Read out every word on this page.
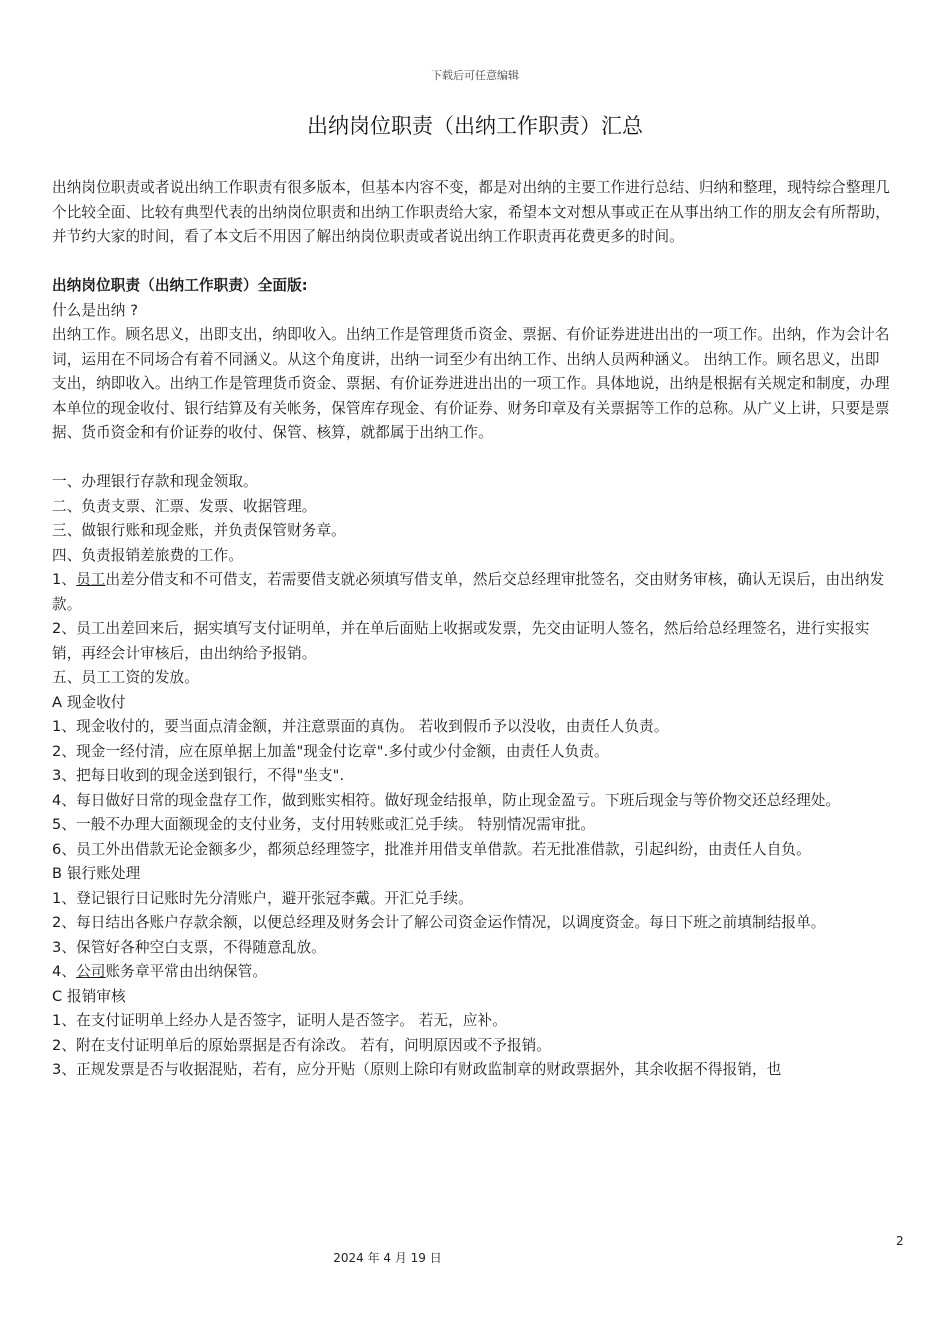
下载后可任意编辑
出纳岗位职责（出纳工作职责）汇总

出纳岗位职责或者说出纳工作职责有很多版本，但基本内容不变，都是对出纳的主要工作进行总结、归纳和整理，现特综合整理几个比较全面、比较有典型代表的出纳岗位职责和出纳工作职责给大家，希望本文对想从事或正在从事出纳工作的朋友会有所帮助，并节约大家的时间，看了本文后不用因了解出纳岗位职责或者说出纳工作职责再花费更多的时间。

出纳岗位职责（出纳工作职责）全面版:

什么是出纳 ?

出纳工作。顾名思义，出即支出，纳即收入。出纳工作是管理货币资金、票据、有价证券进进出出的一项工作。出纳，作为会计名词，运用在不同场合有着不同涵义。从这个角度讲，出纳一词至少有出纳工作、出纳人员两种涵义。 出纳工作。顾名思义，出即支出，纳即收入。出纳工作是管理货币资金、票据、有价证券进进出出的一项工作。具体地说，出纳是根据有关规定和制度，办理本单位的现金收付、银行结算及有关帐务，保管库存现金、有价证券、财务印章及有关票据等工作的总称。从广义上讲，只要是票据、货币资金和有价证券的收付、保管、核算，就都属于出纳工作。

一、办理银行存款和现金领取。

二、负责支票、汇票、发票、收据管理。

三、做银行账和现金账，并负责保管财务章。

四、负责报销差旅费的工作。

1、员工出差分借支和不可借支，若需要借支就必须填写借支单，然后交总经理审批签名，交由财务审核，确认无误后，由出纳发款。

2、员工出差回来后，据实填写支付证明单，并在单后面贴上收据或发票，先交由证明人签名，然后给总经理签名，进行实报实销，再经会计审核后，由出纳给予报销。

五、员工工资的发放。

A 现金收付

1、现金收付的，要当面点清金额，并注意票面的真伪。 若收到假币予以没收，由责任人负责。

2、现金一经付清，应在原单据上加盖"现金付讫章".多付或少付金额，由责任人负责。

3、把每日收到的现金送到银行，不得"坐支".

4、每日做好日常的现金盘存工作，做到账实相符。做好现金结报单，防止现金盈亏。下班后现金与等价物交还总经理处。

5、一般不办理大面额现金的支付业务，支付用转账或汇兑手续。 特别情况需审批。

6、员工外出借款无论金额多少，都须总经理签字，批准并用借支单借款。若无批准借款，引起纠纷，由责任人自负。

B 银行账处理

1、登记银行日记账时先分清账户，避开张冠李戴。开汇兑手续。

2、每日结出各账户存款余额，以便总经理及财务会计了解公司资金运作情况，以调度资金。每日下班之前填制结报单。

3、保管好各种空白支票，不得随意乱放。

4、公司账务章平常由出纳保管。

C 报销审核

1、在支付证明单上经办人是否签字，证明人是否签字。 若无，应补。

2、附在支付证明单后的原始票据是否有涂改。 若有，问明原因或不予报销。

3、正规发票是否与收据混贴，若有，应分开贴（原则上除印有财政监制章的财政票据外，其余收据不得报销，也

2
2024 年 4 月 19 日
